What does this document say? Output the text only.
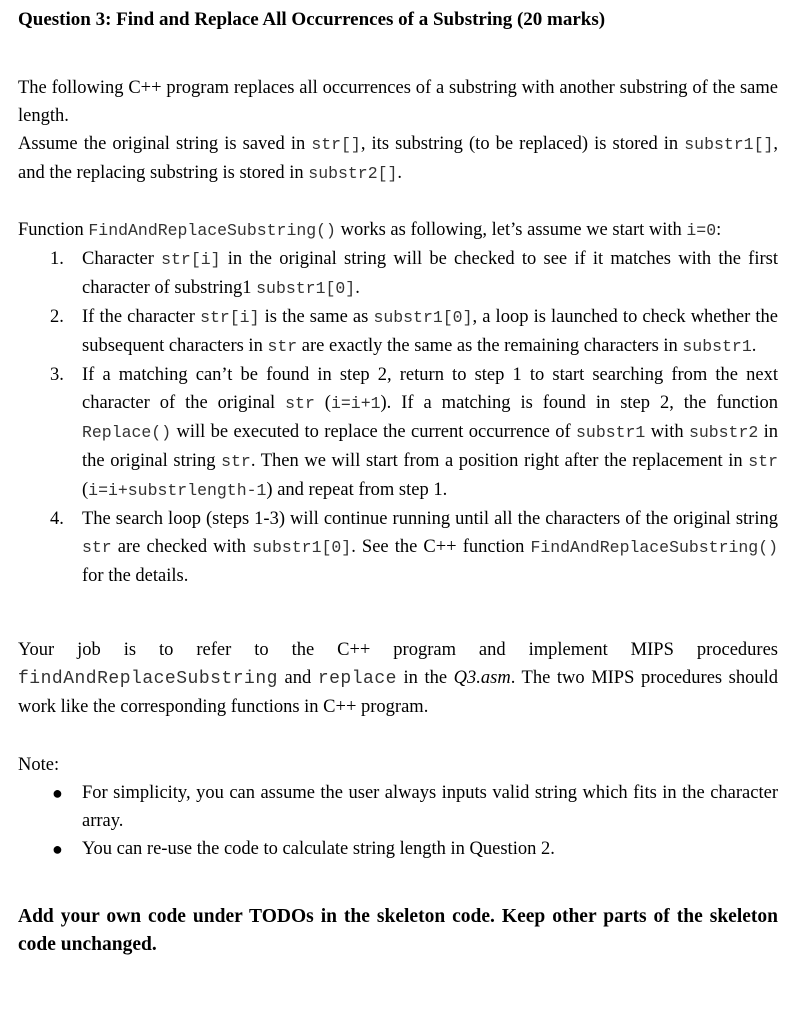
Question 3: Find and Replace All Occurrences of a Substring (20 marks)

The following C++ program replaces all occurrences of a substring with another substring of the same length.

Assume the original string is saved in str[], its substring (to be replaced) is stored in substr1[], and the replacing substring is stored in substr2[].

Function FindAndReplaceSubstring() works as following, let’s assume we start with i=0:

1. Character str[i] in the original string will be checked to see if it matches with the first character of substring1 substr1[0].
2. If the character str[i] is the same as substr1[0], a loop is launched to check whether the subsequent characters in str are exactly the same as the remaining characters in substr1.
3. If a matching can’t be found in step 2, return to step 1 to start searching from the next character of the original str (i=i+1). If a matching is found in step 2, the function Replace() will be executed to replace the current occurrence of substr1 with substr2 in the original string str. Then we will start from a position right after the replacement in str (i=i+substrlength-1) and repeat from step 1.
4. The search loop (steps 1-3) will continue running until all the characters of the original string str are checked with substr1[0]. See the C++ function FindAndReplaceSubstring() for the details.

Your job is to refer to the C++ program and implement MIPS procedures findAndReplaceSubstring and replace in the Q3.asm. The two MIPS procedures should work like the corresponding functions in C++ program.

Note:

● For simplicity, you can assume the user always inputs valid string which fits in the character array.
● You can re-use the code to calculate string length in Question 2.

Add your own code under TODOs in the skeleton code. Keep other parts of the skeleton code unchanged.
